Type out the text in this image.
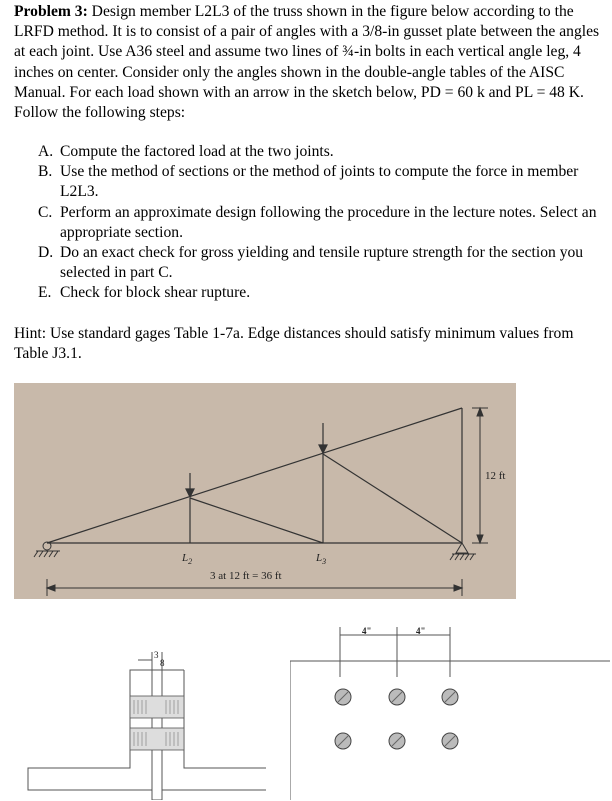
Problem 3: Design member L2L3 of the truss shown in the figure below according to the LRFD method. It is to consist of a pair of angles with a 3/8-in gusset plate between the angles at each joint. Use A36 steel and assume two lines of ¾-in bolts in each vertical angle leg, 4 inches on center. Consider only the angles shown in the double-angle tables of the AISC Manual. For each load shown with an arrow in the sketch below, PD = 60 k and PL = 48 K. Follow the following steps:
A. Compute the factored load at the two joints.
B. Use the method of sections or the method of joints to compute the force in member L2L3.
C. Perform an approximate design following the procedure in the lecture notes. Select an appropriate section.
D. Do an exact check for gross yielding and tensile rupture strength for the section you selected in part C.
E. Check for block shear rupture.
Hint: Use standard gages Table 1-7a. Edge distances should satisfy minimum values from Table J3.1.
12 ft
3 at 12 ft = 36 ft
$L_2$	$L_3$
3
8
4"	4"
